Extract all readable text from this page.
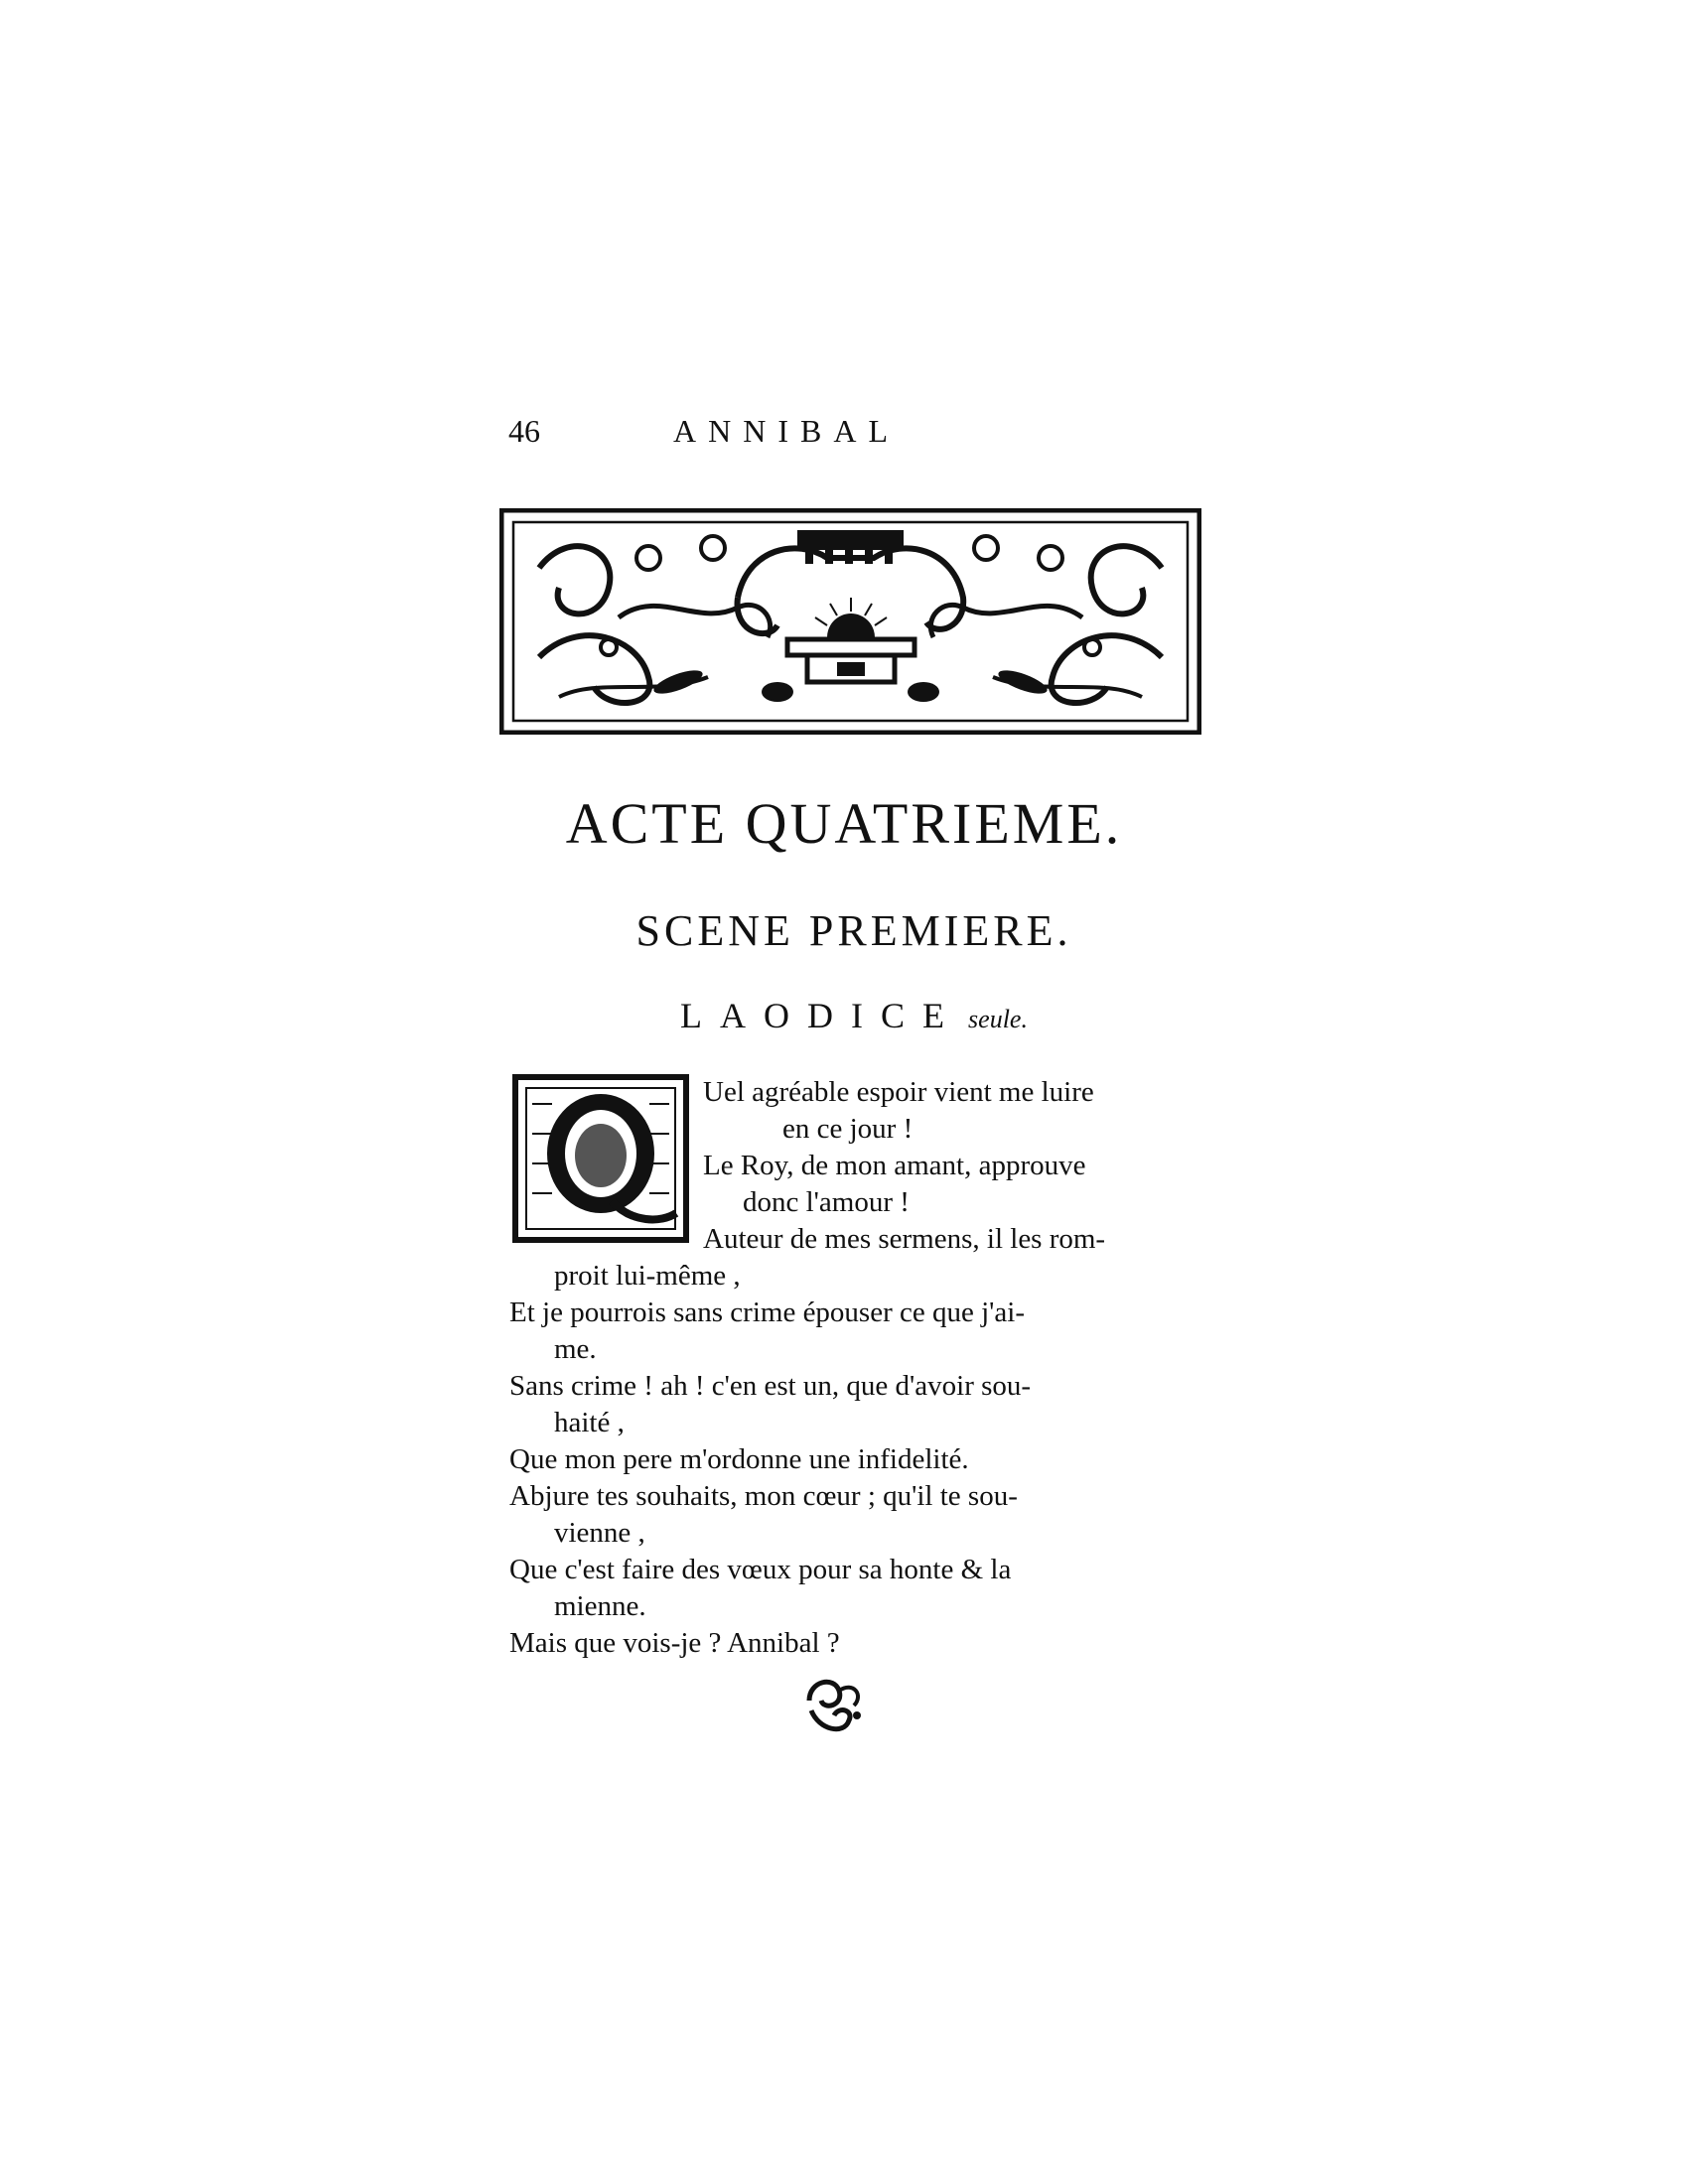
46	ANNIBAL
ACTE QUATRIEME.
SCENE PREMIERE.
LAODICE seule.
Uel agréable espoir vient me luire
en ce jour !
Le Roy, de mon amant, approuve
donc l'amour !
Auteur de mes sermens, il les rom-
proit lui-même ,
Et je pourrois sans crime épouser ce que j'ai-
me.
Sans crime ! ah ! c'en est un, que d'avoir sou-
haité ,
Que mon pere m'ordonne une infidelité.
Abjure tes souhaits, mon cœur ; qu'il te sou-
vienne ,
Que c'est faire des vœux pour sa honte & la
mienne.
Mais que vois-je ? Annibal ?
